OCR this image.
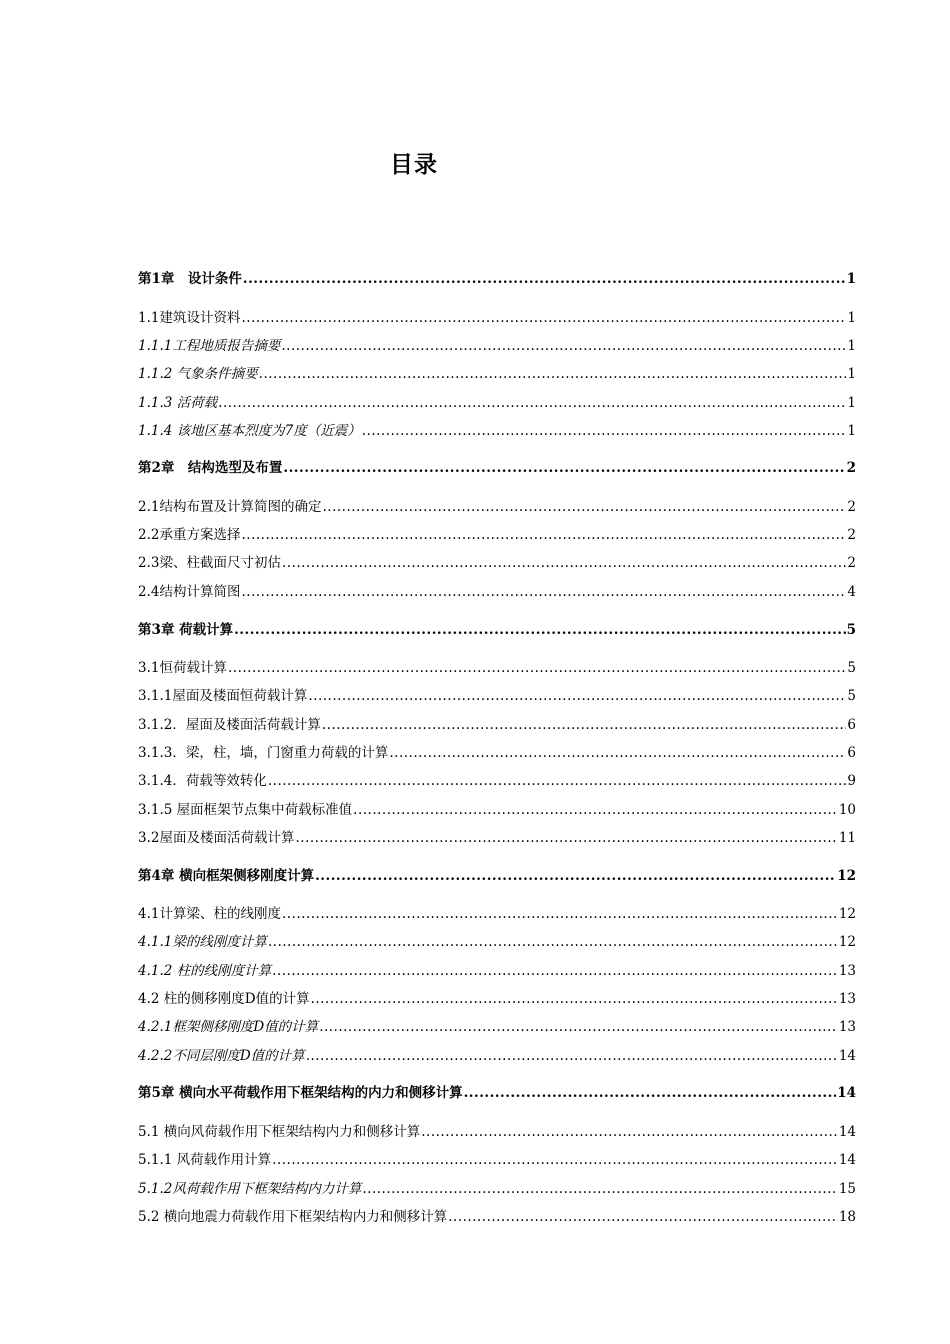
目录
第1章　设计条件 .....	1
1.1建筑设计资料 .....	1
1.1.1工程地质报告摘要 .....	1
1.1.2 气象条件摘要 .....	1
1.1.3 活荷载 .....	1
1.1.4 该地区基本烈度为7度（近震） .....	1
第2章　结构选型及布置 .....	2
2.1结构布置及计算简图的确定 .....	2
2.2承重方案选择 .....	2
2.3梁、柱截面尺寸初估 .....	2
2.4结构计算简图 .....	4
第3章 荷载计算 .....	5
3.1恒荷载计算 .....	5
3.1.1屋面及楼面恒荷载计算 .....	5
3.1.2．屋面及楼面活荷载计算 .....	6
3.1.3．梁，柱，墙，门窗重力荷载的计算 .....	6
3.1.4．荷载等效转化 .....	9
3.1.5 屋面框架节点集中荷载标准值 .....	10
3.2屋面及楼面活荷载计算 .....	11
第4章 横向框架侧移刚度计算 .....	12
4.1计算梁、柱的线刚度 .....	12
4.1.1梁的线刚度计算 .....	12
4.1.2 柱的线刚度计算 .....	13
4.2 柱的侧移刚度D值的计算 .....	13
4.2.1框架侧移刚度D值的计算 .....	13
4.2.2不同层刚度D值的计算 .....	14
第5章 横向水平荷载作用下框架结构的内力和侧移计算 .....	14
5.1 横向风荷载作用下框架结构内力和侧移计算 .....	14
5.1.1 风荷载作用计算 .....	14
5.1.2风荷载作用下框架结构内力计算 .....	15
5.2 横向地震力荷载作用下框架结构内力和侧移计算 .....	18
